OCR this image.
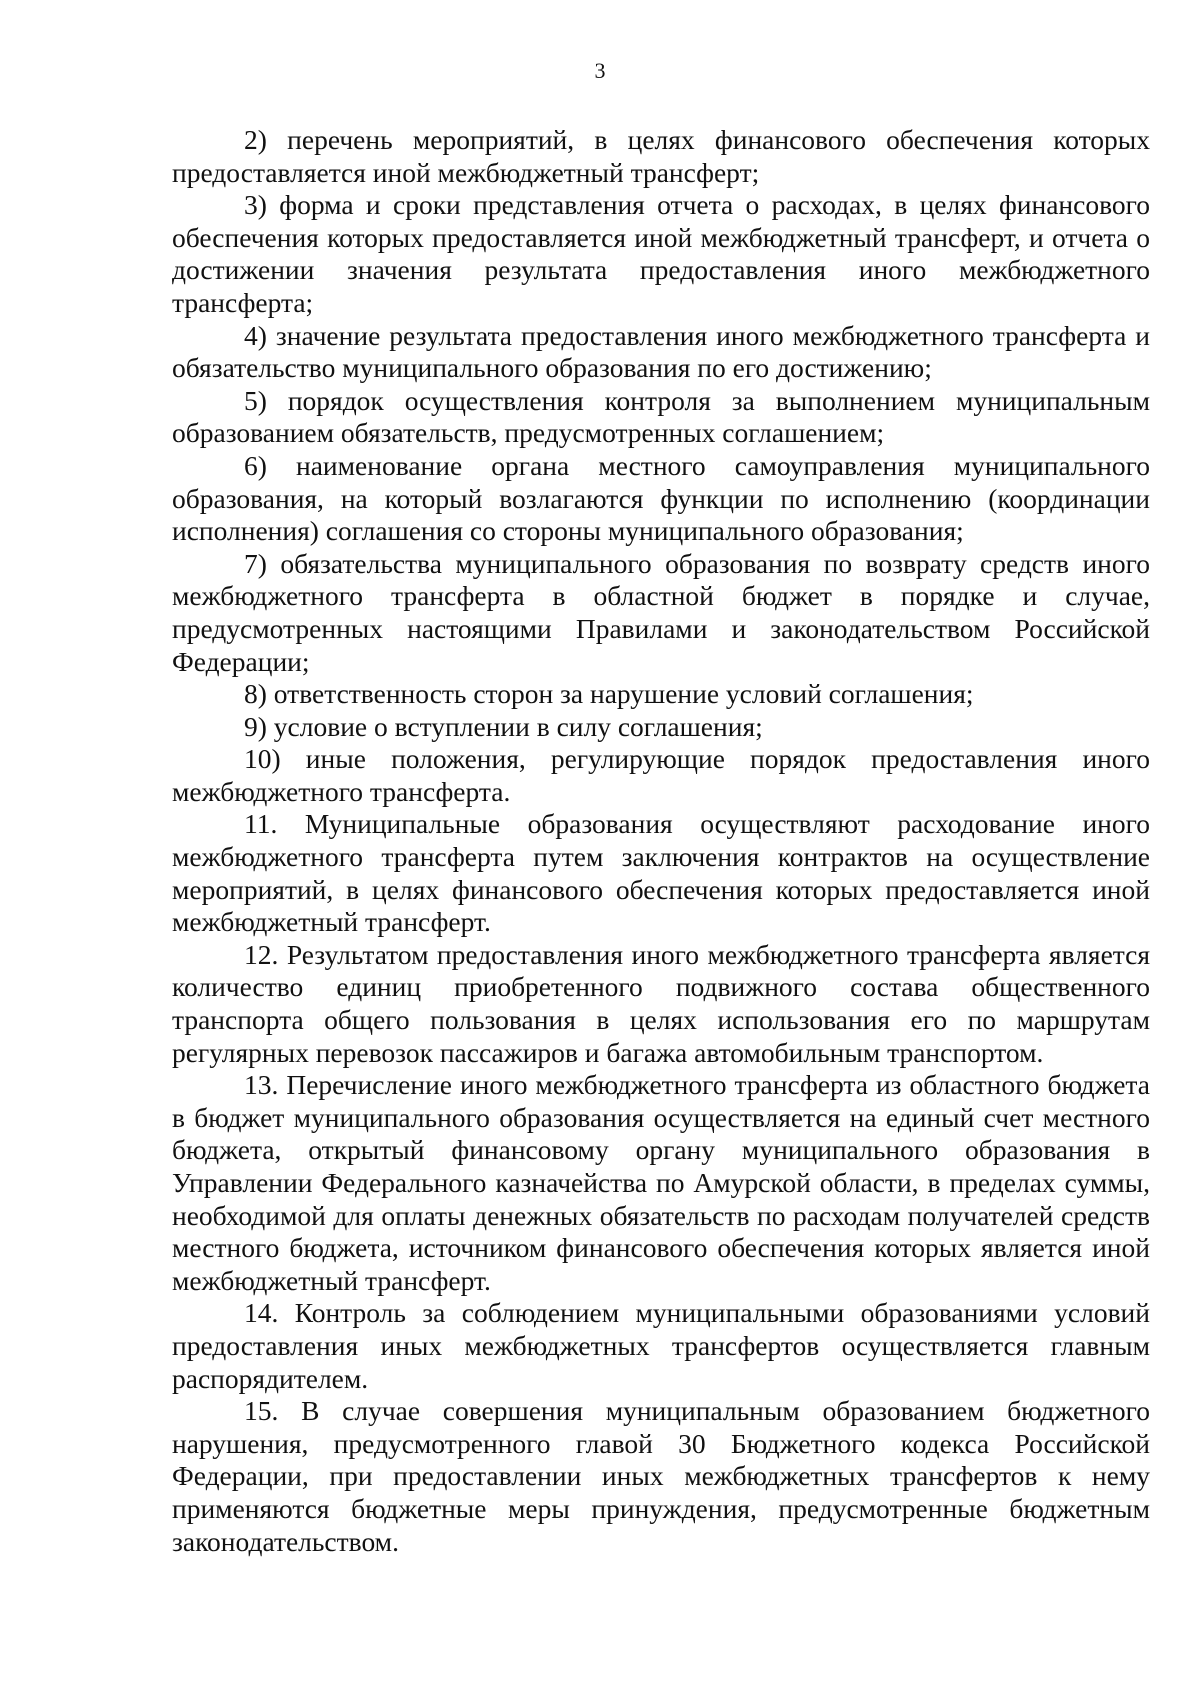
3

2) перечень мероприятий, в целях финансового обеспечения которых предоставляется иной межбюджетный трансферт;

3) форма и сроки представления отчета о расходах, в целях финансового обеспечения которых предоставляется иной межбюджетный трансферт, и отчета о достижении значения результата предоставления иного межбюджетного трансферта;

4) значение результата предоставления иного межбюджетного трансферта и обязательство муниципального образования по его достижению;

5) порядок осуществления контроля за выполнением муниципальным образованием обязательств, предусмотренных соглашением;

6) наименование органа местного самоуправления муниципального образования, на который возлагаются функции по исполнению (координации исполнения) соглашения со стороны муниципального образования;

7) обязательства муниципального образования по возврату средств иного межбюджетного трансферта в областной бюджет в порядке и случае, предусмотренных настоящими Правилами и законодательством Российской Федерации;

8) ответственность сторон за нарушение условий соглашения;

9) условие о вступлении в силу соглашения;

10) иные положения, регулирующие порядок предоставления иного межбюджетного трансферта.

11. Муниципальные образования осуществляют расходование иного межбюджетного трансферта путем заключения контрактов на осуществление мероприятий, в целях финансового обеспечения которых предоставляется иной межбюджетный трансферт.

12. Результатом предоставления иного межбюджетного трансферта является количество единиц приобретенного подвижного состава общественного транспорта общего пользования в целях использования его по маршрутам регулярных перевозок пассажиров и багажа автомобильным транспортом.

13. Перечисление иного межбюджетного трансферта из областного бюджета в бюджет муниципального образования осуществляется на единый счет местного бюджета, открытый финансовому органу муниципального образования в Управлении Федерального казначейства по Амурской области, в пределах суммы, необходимой для оплаты денежных обязательств по расходам получателей средств местного бюджета, источником финансового обеспечения которых является иной межбюджетный трансферт.

14. Контроль за соблюдением муниципальными образованиями условий предоставления иных межбюджетных трансфертов осуществляется главным распорядителем.

15. В случае совершения муниципальным образованием бюджетного нарушения, предусмотренного главой 30 Бюджетного кодекса Российской Федерации, при предоставлении иных межбюджетных трансфертов к нему применяются бюджетные меры принуждения, предусмотренные бюджетным законодательством.
